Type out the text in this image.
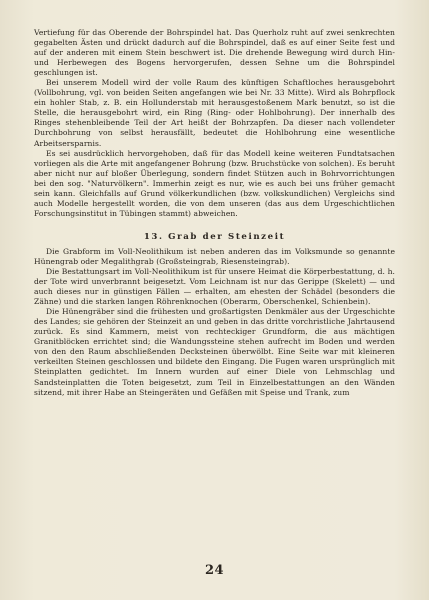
Vertiefung für das Oberende der Bohrspindel hat. Das Querholz ruht auf zwei senkrechten gegabelten Ästen und drückt dadurch auf die Bohrspindel, daß es auf einer Seite fest und auf der anderen mit einem Stein beschwert ist. Die drehende Bewegung wird durch Hin- und Herbewegen des Bogens hervorgerufen, dessen Sehne um die Bohrspindel geschlungen ist.

Bei unserem Modell wird der volle Raum des künftigen Schaftloches herausgebohrt (Vollbohrung, vgl. von beiden Seiten angefangen wie bei Nr. 33 Mitte). Wird als Bohrpflock ein hohler Stab, z. B. ein Hollunderstab mit herausgestoßenem Mark benutzt, so ist die Stelle, die herausgebohrt wird, ein Ring (Ring- oder Hohlbohrung). Der innerhalb des Ringes stehenbleibende Teil der Art heißt der Bohrzapfen. Da dieser nach vollendeter Durchbohrung von selbst herausfällt, bedeutet die Hohlbohrung eine wesentliche Arbeitsersparnis.

Es sei ausdrücklich hervorgehoben, daß für das Modell keine weiteren Fundtatsachen vorliegen als die Arte mit angefangener Bohrung (bzw. Bruchstücke von solchen). Es beruht aber nicht nur auf bloßer Überlegung, sondern findet Stützen auch in Bohrvorrichtungen bei den sog. "Naturvölkern". Immerhin zeigt es nur, wie es auch bei uns früher gemacht sein kann. Gleichfalls auf Grund völkerkundlichen (bzw. volkskundlichen) Vergleichs sind auch Modelle hergestellt worden, die von dem unseren (das aus dem Urgeschichtlichen Forschungsinstitut in Tübingen stammt) abweichen.

13. Grab der Steinzeit

Die Grabform im Voll-Neolithikum ist neben anderen das im Volksmunde so genannte Hünengrab oder Megalithgrab (Großsteingrab, Riesensteingrab).

Die Bestattungsart im Voll-Neolithikum ist für unsere Heimat die Körperbestattung, d. h. der Tote wird unverbrannt beigesetzt. Vom Leichnam ist nur das Gerippe (Skelett) — und auch dieses nur in günstigen Fällen — erhalten, am ehesten der Schädel (besonders die Zähne) und die starken langen Röhrenknochen (Oberarm, Oberschenkel, Schienbein).

Die Hünengräber sind die frühesten und großartigsten Denkmäler aus der Urgeschichte des Landes; sie gehören der Steinzeit an und geben in das dritte vorchristliche Jahrtausend zurück. Es sind Kammern, meist von rechteckiger Grundform, die aus mächtigen Granitblöcken errichtet sind; die Wandungssteine stehen aufrecht im Boden und werden von den den Raum abschließenden Decksteinen überwölbt. Eine Seite war mit kleineren verkeilten Steinen geschlossen und bildete den Eingang. Die Fugen waren ursprünglich mit Steinplatten gedichtet. Im Innern wurden auf einer Diele von Lehmschlag und Sandsteinplatten die Toten beigesetzt, zum Teil in Einzelbestattungen an den Wänden sitzend, mit ihrer Habe an Steingeräten und Gefäßen mit Speise und Trank, zum

24
